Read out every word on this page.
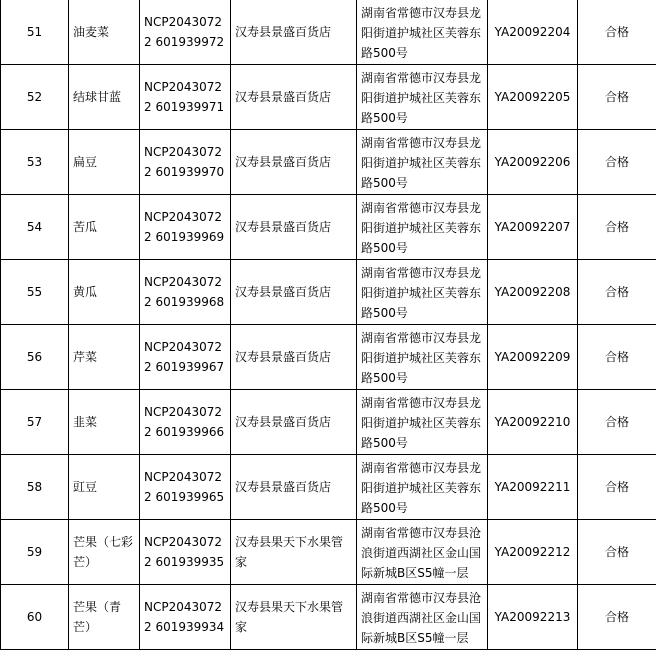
51	油麦菜	NCP20430722 601939972	汉寿县景盛百货店	湖南省常德市汉寿县龙阳街道护城社区芙蓉东路500号	YA20092204	合格

52	结球甘蓝	NCP20430722 601939971	汉寿县景盛百货店	湖南省常德市汉寿县龙阳街道护城社区芙蓉东路500号	YA20092205	合格

53	扁豆	NCP20430722 601939970	汉寿县景盛百货店	湖南省常德市汉寿县龙阳街道护城社区芙蓉东路500号	YA20092206	合格

54	苦瓜	NCP20430722 601939969	汉寿县景盛百货店	湖南省常德市汉寿县龙阳街道护城社区芙蓉东路500号	YA20092207	合格

55	黄瓜	NCP20430722 601939968	汉寿县景盛百货店	湖南省常德市汉寿县龙阳街道护城社区芙蓉东路500号	YA20092208	合格

56	芹菜	NCP20430722 601939967	汉寿县景盛百货店	湖南省常德市汉寿县龙阳街道护城社区芙蓉东路500号	YA20092209	合格

57	韭菜	NCP20430722 601939966	汉寿县景盛百货店	湖南省常德市汉寿县龙阳街道护城社区芙蓉东路500号	YA20092210	合格

58	豇豆	NCP20430722 601939965	汉寿县景盛百货店	湖南省常德市汉寿县龙阳街道护城社区芙蓉东路500号	YA20092211	合格

59	芒果（七彩芒）	NCP20430722 601939935	汉寿县果天下水果管家	湖南省常德市汉寿县沧浪街道西湖社区金山国际新城B区S5幢一层	YA20092212	合格

60	芒果（青芒）	NCP20430722 601939934	汉寿县果天下水果管家	湖南省常德市汉寿县沧浪街道西湖社区金山国际新城B区S5幢一层	YA20092213	合格
